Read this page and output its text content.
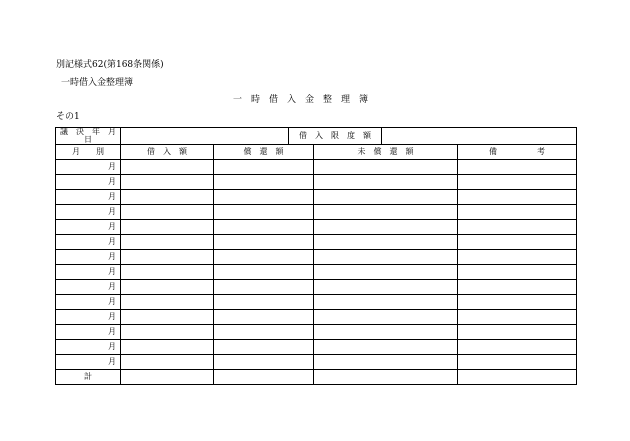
別記様式62(第168条関係)
一時借入金整理簿
一　時　借　入　金　整　理　簿
その1
議　決　年　月　日			借　入　限　度　額			
月　　別	借　入　額	償　還　額		未　償　還　額		備　　　　　考
月						
月						
月						
月						
月						
月						
月						
月						
月						
月						
月						
月						
月						
月						
計						
